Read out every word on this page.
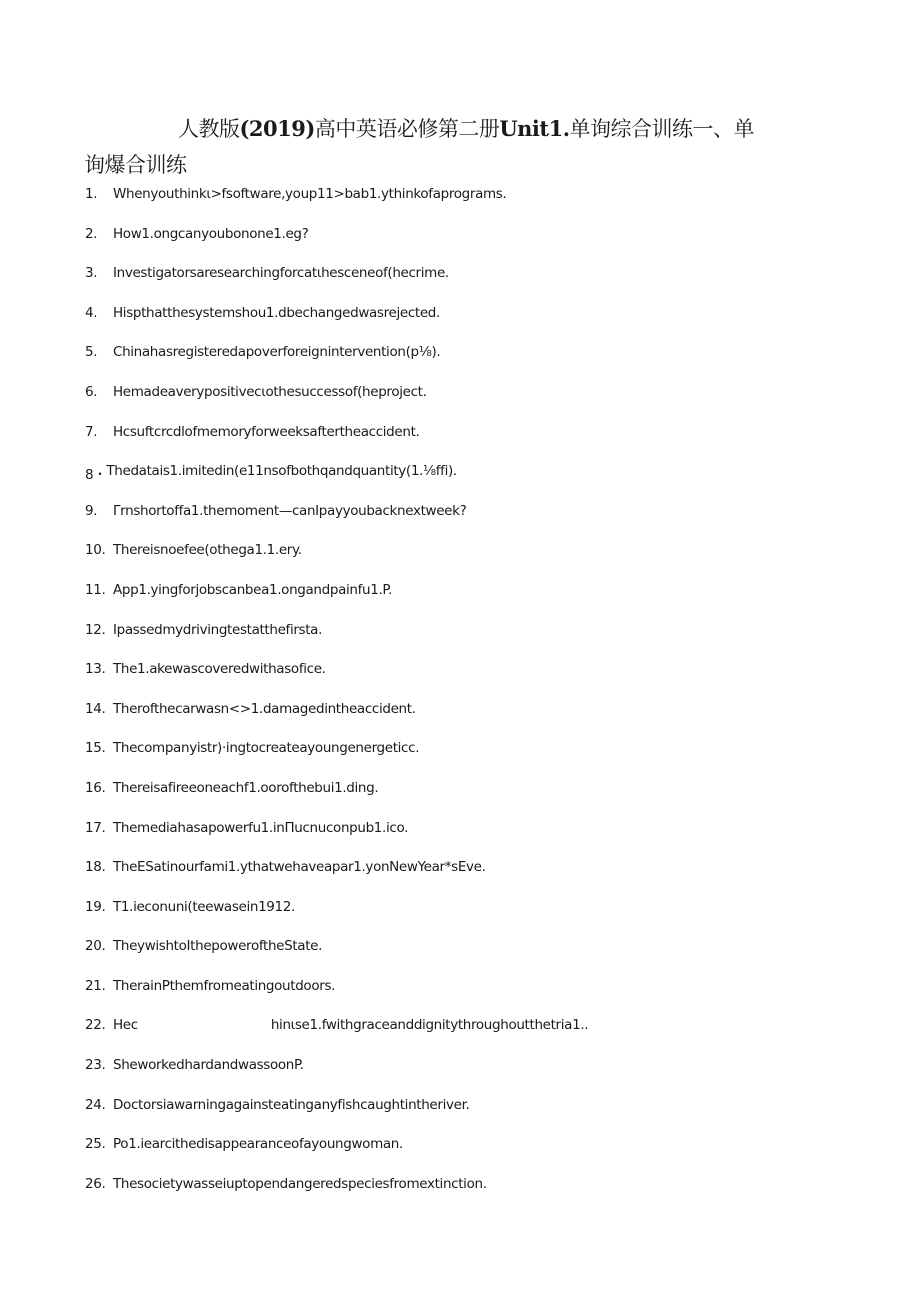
人教版(2019)高中英语必修第二册Unit1.单询综合训练一、单
询爆合训练
1.	Whenyouthinkι>fsoftware,youp11>bab1.ythinkofaprograms.
2.	How1.ongcanyoubonone1.eg?
3.	Investigatorsaresearchingforcatιhesceneof(hecrime.
4.	Hispthatthesystemshou1.dbechangedwasrejected.
5.	Chinahasregisteredapoverforeignintervention(p⅛).
6.	Hemadeaverypositivecιothesuccessof(heproject.
7.	Hcsuftcrcdlofmemoryforweeksaftertheaccident.
8・ Thedatais1.imitedin(e11nsofbothqandquantity(1.⅛ffi).
9.	Γrnshortoffa1.themoment—canIpayyoubacknextweek?
10. Thereisnoefee(othega1.1.ery.
11. App1.yingforjobscanbea1.ongandpainfu1.P.
12. Ipassedmydrivingtestatthefirsta.
13. The1.akewascoveredwithasofice.
14. Therofthecarwasn<>1.damagedintheaccident.
15. Thecompanyistr)·ingtocreateayoungenergeticc.
16. Thereisafireeoneachf1.oorofthebui1.ding.
17. Themediahasapowerfu1.inΠucnuconpub1.ico.
18. TheESatinourfami1.ythatwehaveapar1.yonNewYear*sEve.
19. T1.ieconuni(teewasein1912.
20. TheywishtoIthepoweroftheState.
21. TherainPthemfromeatingoutdoors.
22. Hec	hinιse1.fwithgraceanddignitythroughoutthetria1..
23. SheworkedhardandwassoonP.
24. Doctorsiawarningagainsteatinganyfishcaughtintheriver.
25. Po1.iearcithedisappearanceofayoungwoman.
26. Thesocietywasseiuptopendangeredspeciesfromextinction.
